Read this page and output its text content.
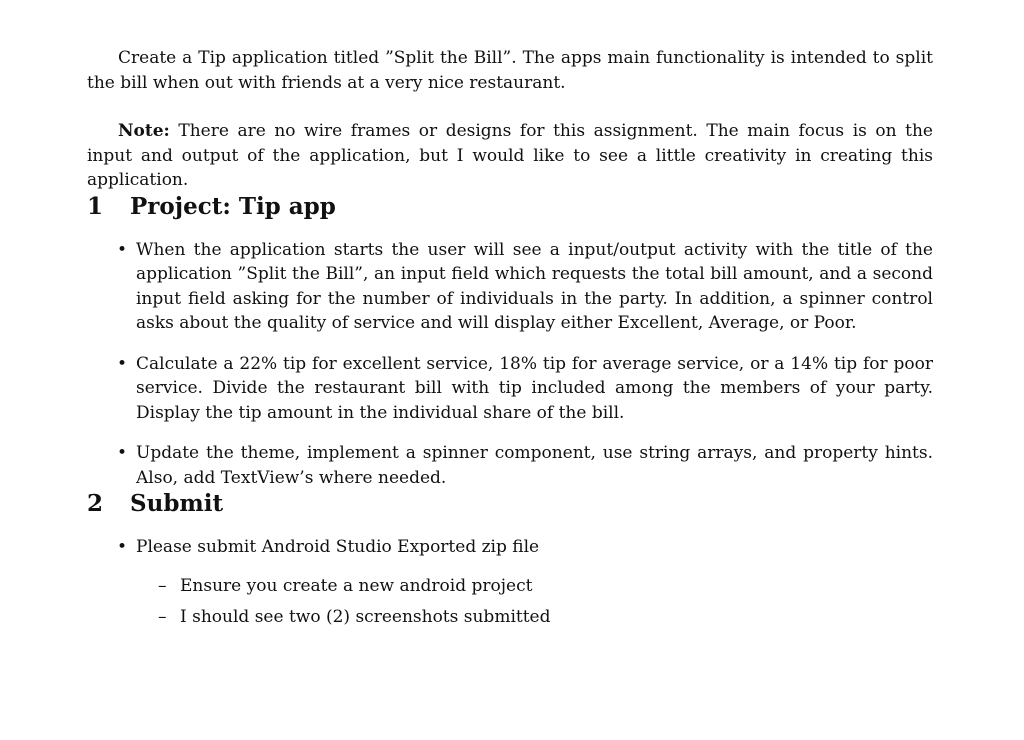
Create a Tip application titled ”Split the Bill”. The apps main functionality is intended to split the bill when out with friends at a very nice restaurant.

Note: There are no wire frames or designs for this assignment. The main focus is on the input and output of the application, but I would like to see a little creativity in creating this application.

1	Project: Tip app
• When the application starts the user will see a input/output activity with the title of the application ”Split the Bill”, an input field which requests the total bill amount, and a second input field asking for the number of individuals in the party. In addition, a spinner control asks about the quality of service and will display either Excellent, Average, or Poor.
• Calculate a 22% tip for excellent service, 18% tip for average service, or a 14% tip for poor service. Divide the restaurant bill with tip included among the members of your party. Display the tip amount in the individual share of the bill.
• Update the theme, implement a spinner component, use string arrays, and property hints. Also, add TextView’s where needed.
2	Submit
• Please submit Android Studio Exported zip file
– Ensure you create a new android project
– I should see two (2) screenshots submitted
